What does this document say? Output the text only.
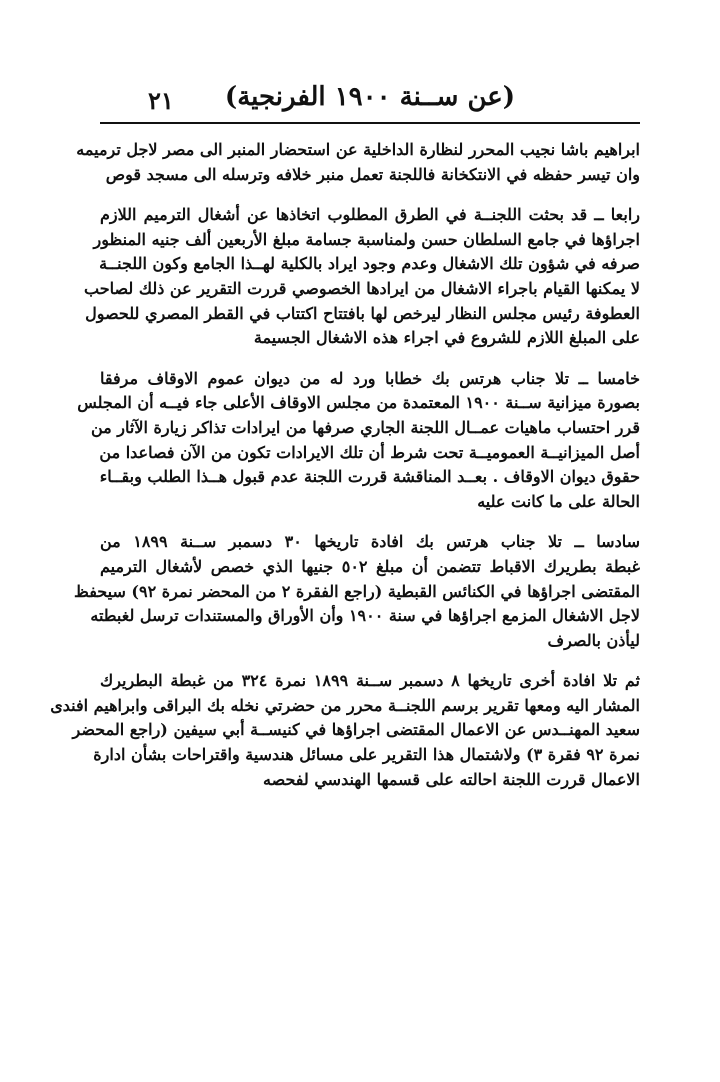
(عن ســنة ١٩٠٠ الفرنجية)
٢١
ابراهيم باشا نجيب المحرر لنظارة الداخلية عن استحضار المنبر الى مصر لاجل ترميمه
وان تيسر حفظه في الانتكخانة فاللجنة تعمل منبر خلافه وترسله الى مسجد قوص
رابعا ــ قد بحثت اللجنــة في الطرق المطلوب اتخاذها عن أشغال الترميم اللازم
اجراؤها في جامع السلطان حسن ولمناسبة جسامة مبلغ الأربعين ألف جنيه المنظور
صرفه في شؤون تلك الاشغال وعدم وجود ايراد بالكلية لهــذا الجامع وكون اللجنــة
لا يمكنها القيام باجراء الاشغال من ايرادها الخصوصي قررت التقرير عن ذلك لصاحب
العطوفة رئيس مجلس النظار ليرخص لها بافتتاح اكتتاب في القطر المصري للحصول
على المبلغ اللازم للشروع في اجراء هذه الاشغال الجسيمة
خامسا ــ تلا جناب هرتس بك خطابا ورد له من ديوان عموم الاوقاف مرفقا
بصورة ميزانية ســنة ١٩٠٠ المعتمدة من مجلس الاوقاف الأعلى جاء فيــه أن المجلس
قرر احتساب ماهيات عمــال اللجنة الجاري صرفها من ايرادات تذاكر زيارة الآثار من
أصل الميزانيــة العموميــة تحت شرط أن تلك الايرادات تكون من الآن فصاعدا من
حقوق ديوان الاوقاف . بعــد المناقشة قررت اللجنة عدم قبول هــذا الطلب وبقــاء
الحالة على ما كانت عليه
سادسا ــ تلا جناب هرتس بك افادة تاريخها ٣٠ دسمبر ســنة ١٨٩٩ من
غبطة بطريرك الاقباط تتضمن أن مبلغ ٥٠٢ جنيها الذي خصص لأشغال الترميم
المقتضى اجراؤها في الكنائس القبطية (راجع الفقرة ٢ من المحضر نمرة ٩٢) سيحفظ
لاجل الاشغال المزمع اجراؤها في سنة ١٩٠٠ وأن الأوراق والمستندات ترسل لغبطته
ليأذن بالصرف
ثم تلا افادة أخرى تاريخها ٨ دسمبر ســنة ١٨٩٩ نمرة ٣٢٤ من غبطة البطريرك
المشار اليه ومعها تقرير برسم اللجنــة محرر من حضرتي نخله بك البراقى وابراهيم افندى
سعيد المهنــدس عن الاعمال المقتضى اجراؤها في كنيســة أبي سيفين (راجع المحضر
نمرة ٩٢ فقرة ٣) ولاشتمال هذا التقرير على مسائل هندسية واقتراحات بشأن ادارة
الاعمال قررت اللجنة احالته على قسمها الهندسي لفحصه
